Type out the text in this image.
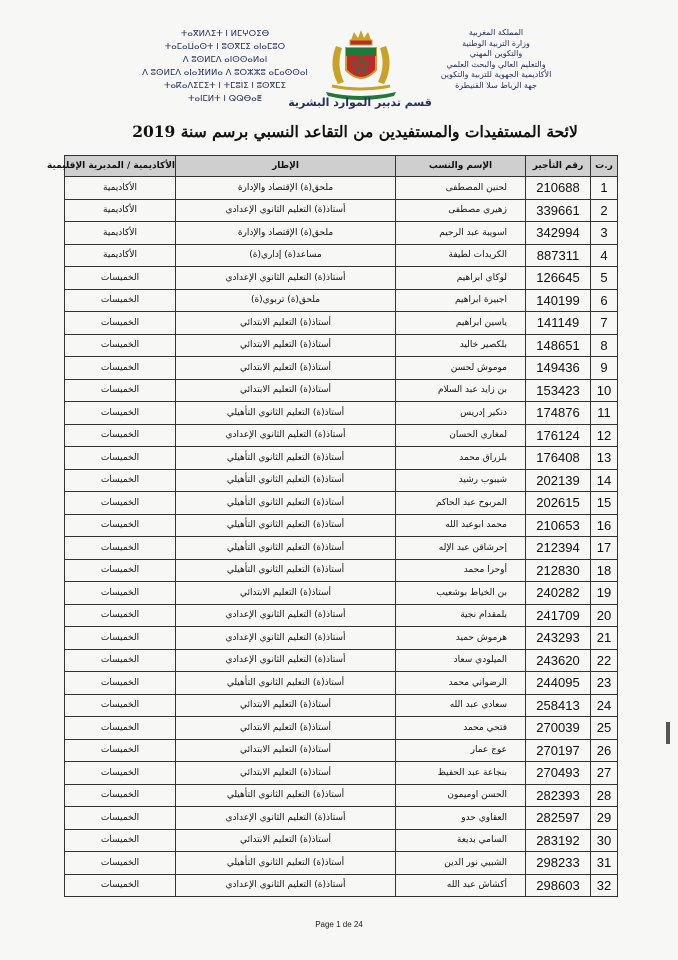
ⵜⴰⴳⵍⴷⵉⵜ ⵏ ⵍⵎⵖⵔⵉⴱ
ⵜⴰⵎⴰⵡⴰⵙⵜ ⵏ ⵓⵙⴳⵎⵉ ⴰⵏⴰⵎⵓⵔ
ⴷ ⵓⵙⵍⵎⴷ ⴰⵏⵙⵙⴰⵍⴰⵏ
ⴷ ⵓⵙⵍⵎⴷ ⴰⵏⴰⴼⵍⵍⴰ ⴷ ⵓⵔⵣⵣⵓ ⴰⵎⴰⵙⵙⴰⵏ
ⵜⴰⴽⴰⴷⵉⵎⵉⵜ ⵏ ⵜⵎⵓⵏⵉ ⵏ ⵓⵙⴳⵎⵉ
ⵜⴰⵏⵎⵍⵜ ⵏ ⵕⵕⴱⴰⵟ
المملكة المغربية
وزارة التربية الوطنية
والتكوين المهني
والتعليم العالي والبحث العلمي
الأكاديمية الجهوية للتربية والتكوين
جهة الرباط سلا القنيطرة
قسم تدبير الموارد البشرية
لائحة المستفيدات والمستفيدين من التقاعد النسبي برسم سنة 2019
ر.ت	رقم التأجير	الإسم والنسب	الإطار	الأكاديمية / المديرية الإقليمية
1	210688	لحنين المصطفى	ملحق(ة) الإقتصاد والإدارة	الأكاديمية
2	339661	زهيري مصطفى	أستاذ(ة) التعليم الثانوي الإعدادي	الأكاديمية
3	342994	اسويبة عبد الرحيم	ملحق(ة) الإقتصاد والإدارة	الأكاديمية
4	887311	الكريدات لطيفة	مساعد(ة) إداري(ة)	الأكاديمية
5	126645	لوكاي ابراهيم	أستاذ(ة) التعليم الثانوي الإعدادي	الخميسات
6	140199	اجبيرة ابراهيم	ملحق(ة) تربوي(ة)	الخميسات
7	141149	ياسين ابراهيم	أستاذ(ة) التعليم الابتدائي	الخميسات
8	148651	بلكصير خاليد	أستاذ(ة) التعليم الابتدائي	الخميسات
9	149436	موموش لحسن	أستاذ(ة) التعليم الابتدائي	الخميسات
10	153423	بن زايد عبد السلام	أستاذ(ة) التعليم الابتدائي	الخميسات
11	174876	دنكير إدريس	أستاذ(ة) التعليم الثانوي التأهيلي	الخميسات
12	176124	لمغاري الحسان	أستاذ(ة) التعليم الثانوي الإعدادي	الخميسات
13	176408	بلزراق محمد	أستاذ(ة) التعليم الثانوي التأهيلي	الخميسات
14	202139	شيبوب رشيد	أستاذ(ة) التعليم الثانوي التأهيلي	الخميسات
15	202615	المربوح عبد الحاكم	أستاذ(ة) التعليم الثانوي التأهيلي	الخميسات
16	210653	محمد ابوعبد الله	أستاذ(ة) التعليم الثانوي التأهيلي	الخميسات
17	212394	إحرشاقن عبد الإله	أستاذ(ة) التعليم الثانوي التأهيلي	الخميسات
18	212830	أوحرا محمد	أستاذ(ة) التعليم الثانوي التأهيلي	الخميسات
19	240282	بن الخياط بوشعيب	أستاذ(ة) التعليم الابتدائي	الخميسات
20	241709	بلمقدام نجية	أستاذ(ة) التعليم الثانوي الإعدادي	الخميسات
21	243293	هرموش حميد	أستاذ(ة) التعليم الثانوي الإعدادي	الخميسات
22	243620	الميلودي سعاد	أستاذ(ة) التعليم الثانوي الإعدادي	الخميسات
23	244095	الرضواني محمد	أستاذ(ة) التعليم الثانوي التأهيلي	الخميسات
24	258413	سعادي عبد الله	أستاذ(ة) التعليم الابتدائي	الخميسات
25	270039	فتحي محمد	أستاذ(ة) التعليم الابتدائي	الخميسات
26	270197	عوج عمار	أستاذ(ة) التعليم الابتدائي	الخميسات
27	270493	بنجاعة عبد الحفيظ	أستاذ(ة) التعليم الابتدائي	الخميسات
28	282393	الحسن اوميمون	أستاذ(ة) التعليم الثانوي التأهيلي	الخميسات
29	282597	العقاوي حدو	أستاذ(ة) التعليم الثانوي الإعدادي	الخميسات
30	283192	السامي بديعة	أستاذ(ة) التعليم الابتدائي	الخميسات
31	298233	الشبيي نور الدين	أستاذ(ة) التعليم الثانوي التأهيلي	الخميسات
32	298603	أكشاش عبد الله	أستاذ(ة) التعليم الثانوي الإعدادي	الخميسات
Page 1 de 24
